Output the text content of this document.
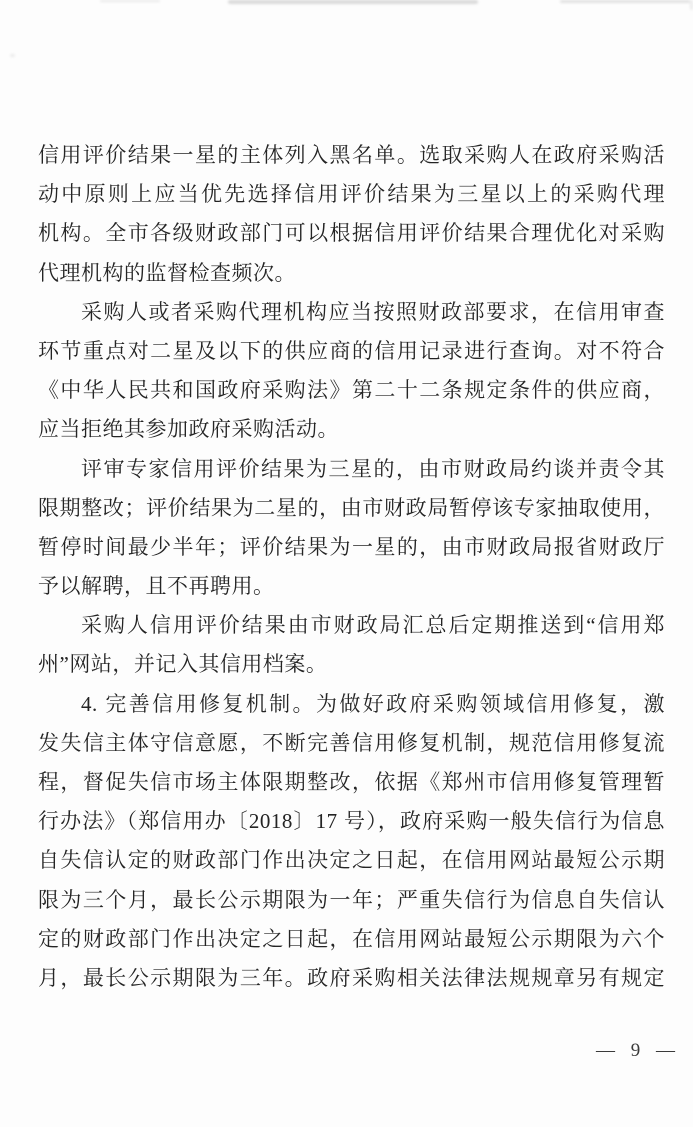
信用评价结果一星的主体列入黑名单。选取采购人在政府采购活
动中原则上应当优先选择信用评价结果为三星以上的采购代理
机构。全市各级财政部门可以根据信用评价结果合理优化对采购
代理机构的监督检查频次。
采购人或者采购代理机构应当按照财政部要求，在信用审查
环节重点对二星及以下的供应商的信用记录进行查询。对不符合
《中华人民共和国政府采购法》第二十二条规定条件的供应商，
应当拒绝其参加政府采购活动。
评审专家信用评价结果为三星的，由市财政局约谈并责令其
限期整改；评价结果为二星的，由市财政局暂停该专家抽取使用，
暂停时间最少半年；评价结果为一星的，由市财政局报省财政厅
予以解聘，且不再聘用。
采购人信用评价结果由市财政局汇总后定期推送到“信用郑
州”网站，并记入其信用档案。
4. 完善信用修复机制。为做好政府采购领域信用修复，激
发失信主体守信意愿，不断完善信用修复机制，规范信用修复流
程，督促失信市场主体限期整改，依据《郑州市信用修复管理暂
行办法》（郑信用办〔2018〕17 号），政府采购一般失信行为信息
自失信认定的财政部门作出决定之日起，在信用网站最短公示期
限为三个月，最长公示期限为一年；严重失信行为信息自失信认
定的财政部门作出决定之日起，在信用网站最短公示期限为六个
月，最长公示期限为三年。政府采购相关法律法规规章另有规定

— 9 —
